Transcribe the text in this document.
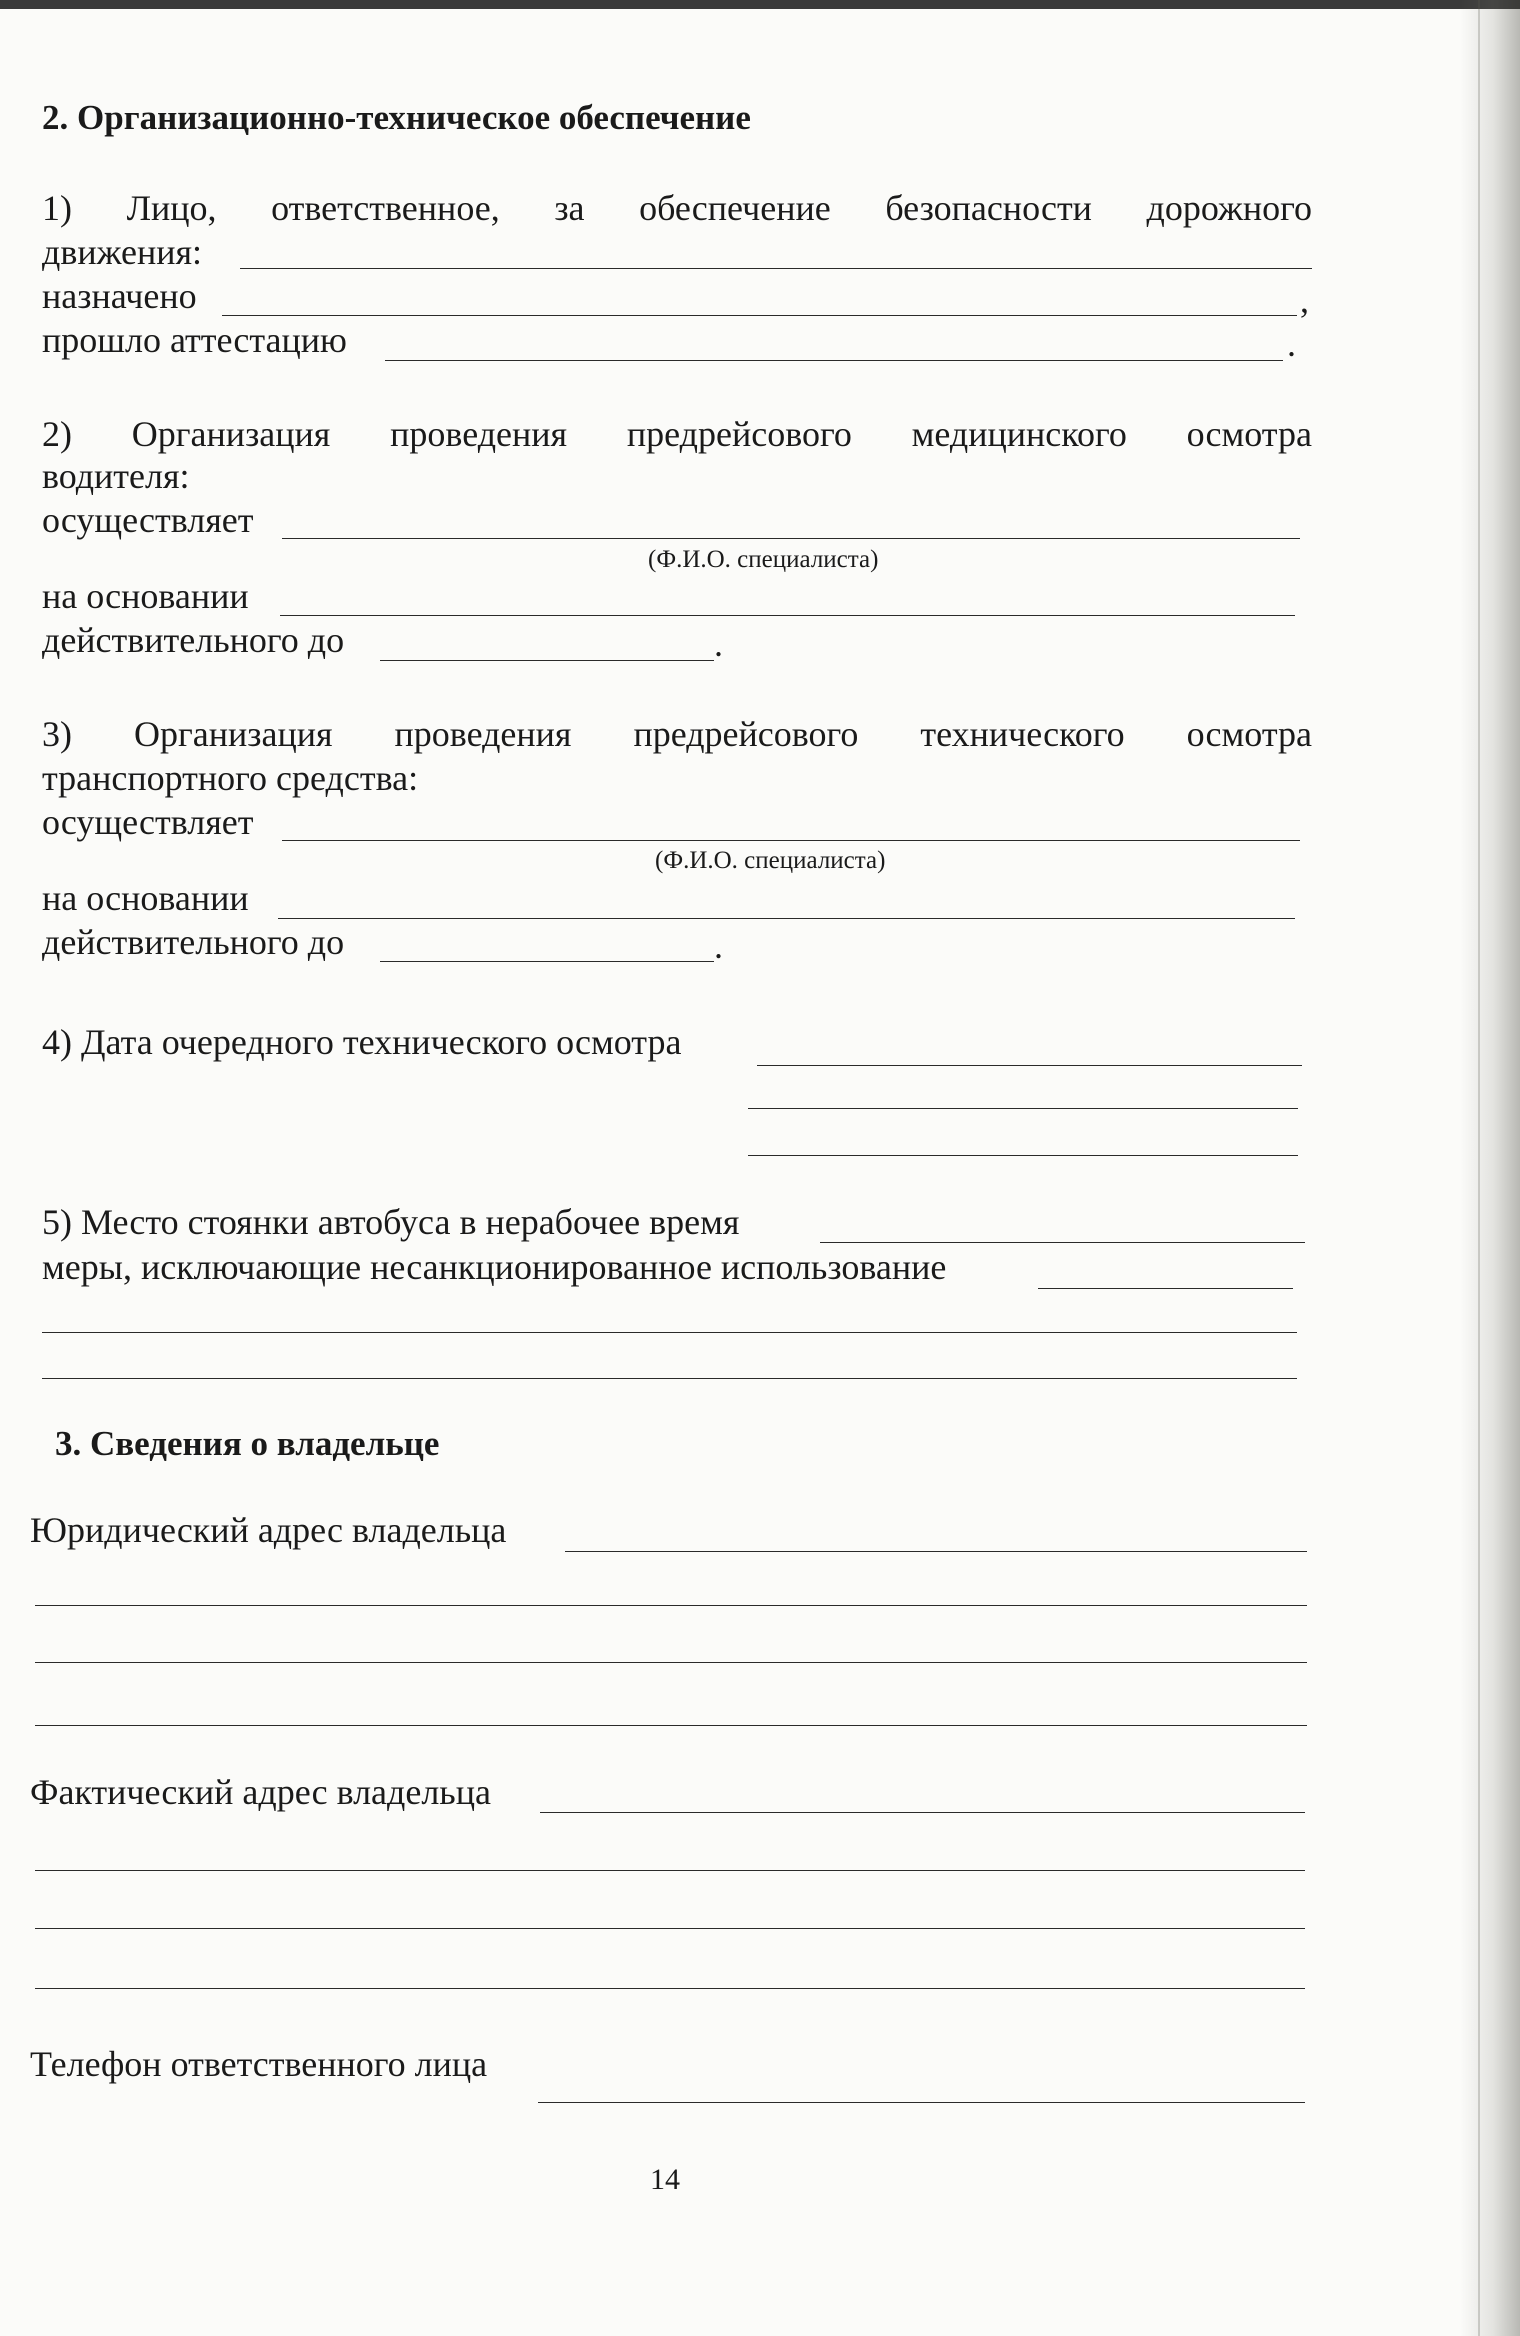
2. Организационно-техническое обеспечение
1) Лицо, ответственное, за обеспечение безопасности дорожного
движения:
назначено	,
прошло аттестацию	.
2) Организация проведения предрейсового медицинского осмотра
водителя:
осуществляет
(Ф.И.О. специалиста)
на основании
действительного до	.
3) Организация проведения предрейсового технического осмотра
транспортного средства:
осуществляет
(Ф.И.О. специалиста)
на основании
действительного до	.
4) Дата очередного технического осмотра
5) Место стоянки автобуса в нерабочее время
меры, исключающие несанкционированное использование
3. Сведения о владельце
Юридический адрес владельца
Фактический адрес владельца
Телефон ответственного лица
14
